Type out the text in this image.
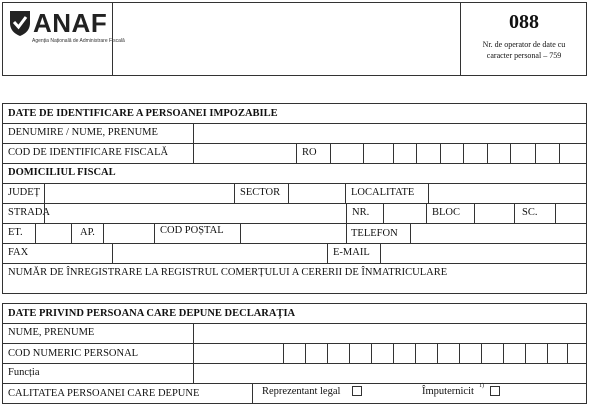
ANAF
Agenția Națională de Administrare Fiscală
088
Nr. de operator de date cu
caracter personal – 759
DATE DE IDENTIFICARE A PERSOANEI IMPOZABILE
DENUMIRE / NUME, PRENUME
COD DE IDENTIFICARE FISCALĂ	RO
DOMICILIUL FISCAL
JUDEȚ	SECTOR	LOCALITATE
STRADA	NR.	BLOC	SC.
ET.	AP.	COD POȘTAL	TELEFON
FAX	E-MAIL
NUMĂR DE ÎNREGISTRARE LA REGISTRUL COMERȚULUI A CERERII DE ÎNMATRICULARE
DATE PRIVIND PERSOANA CARE DEPUNE DECLARAȚIA
NUME, PRENUME
COD NUMERIC PERSONAL
Funcția
CALITATEA PERSOANEI CARE DEPUNE	Reprezentant legal	Împuternicit 1)
